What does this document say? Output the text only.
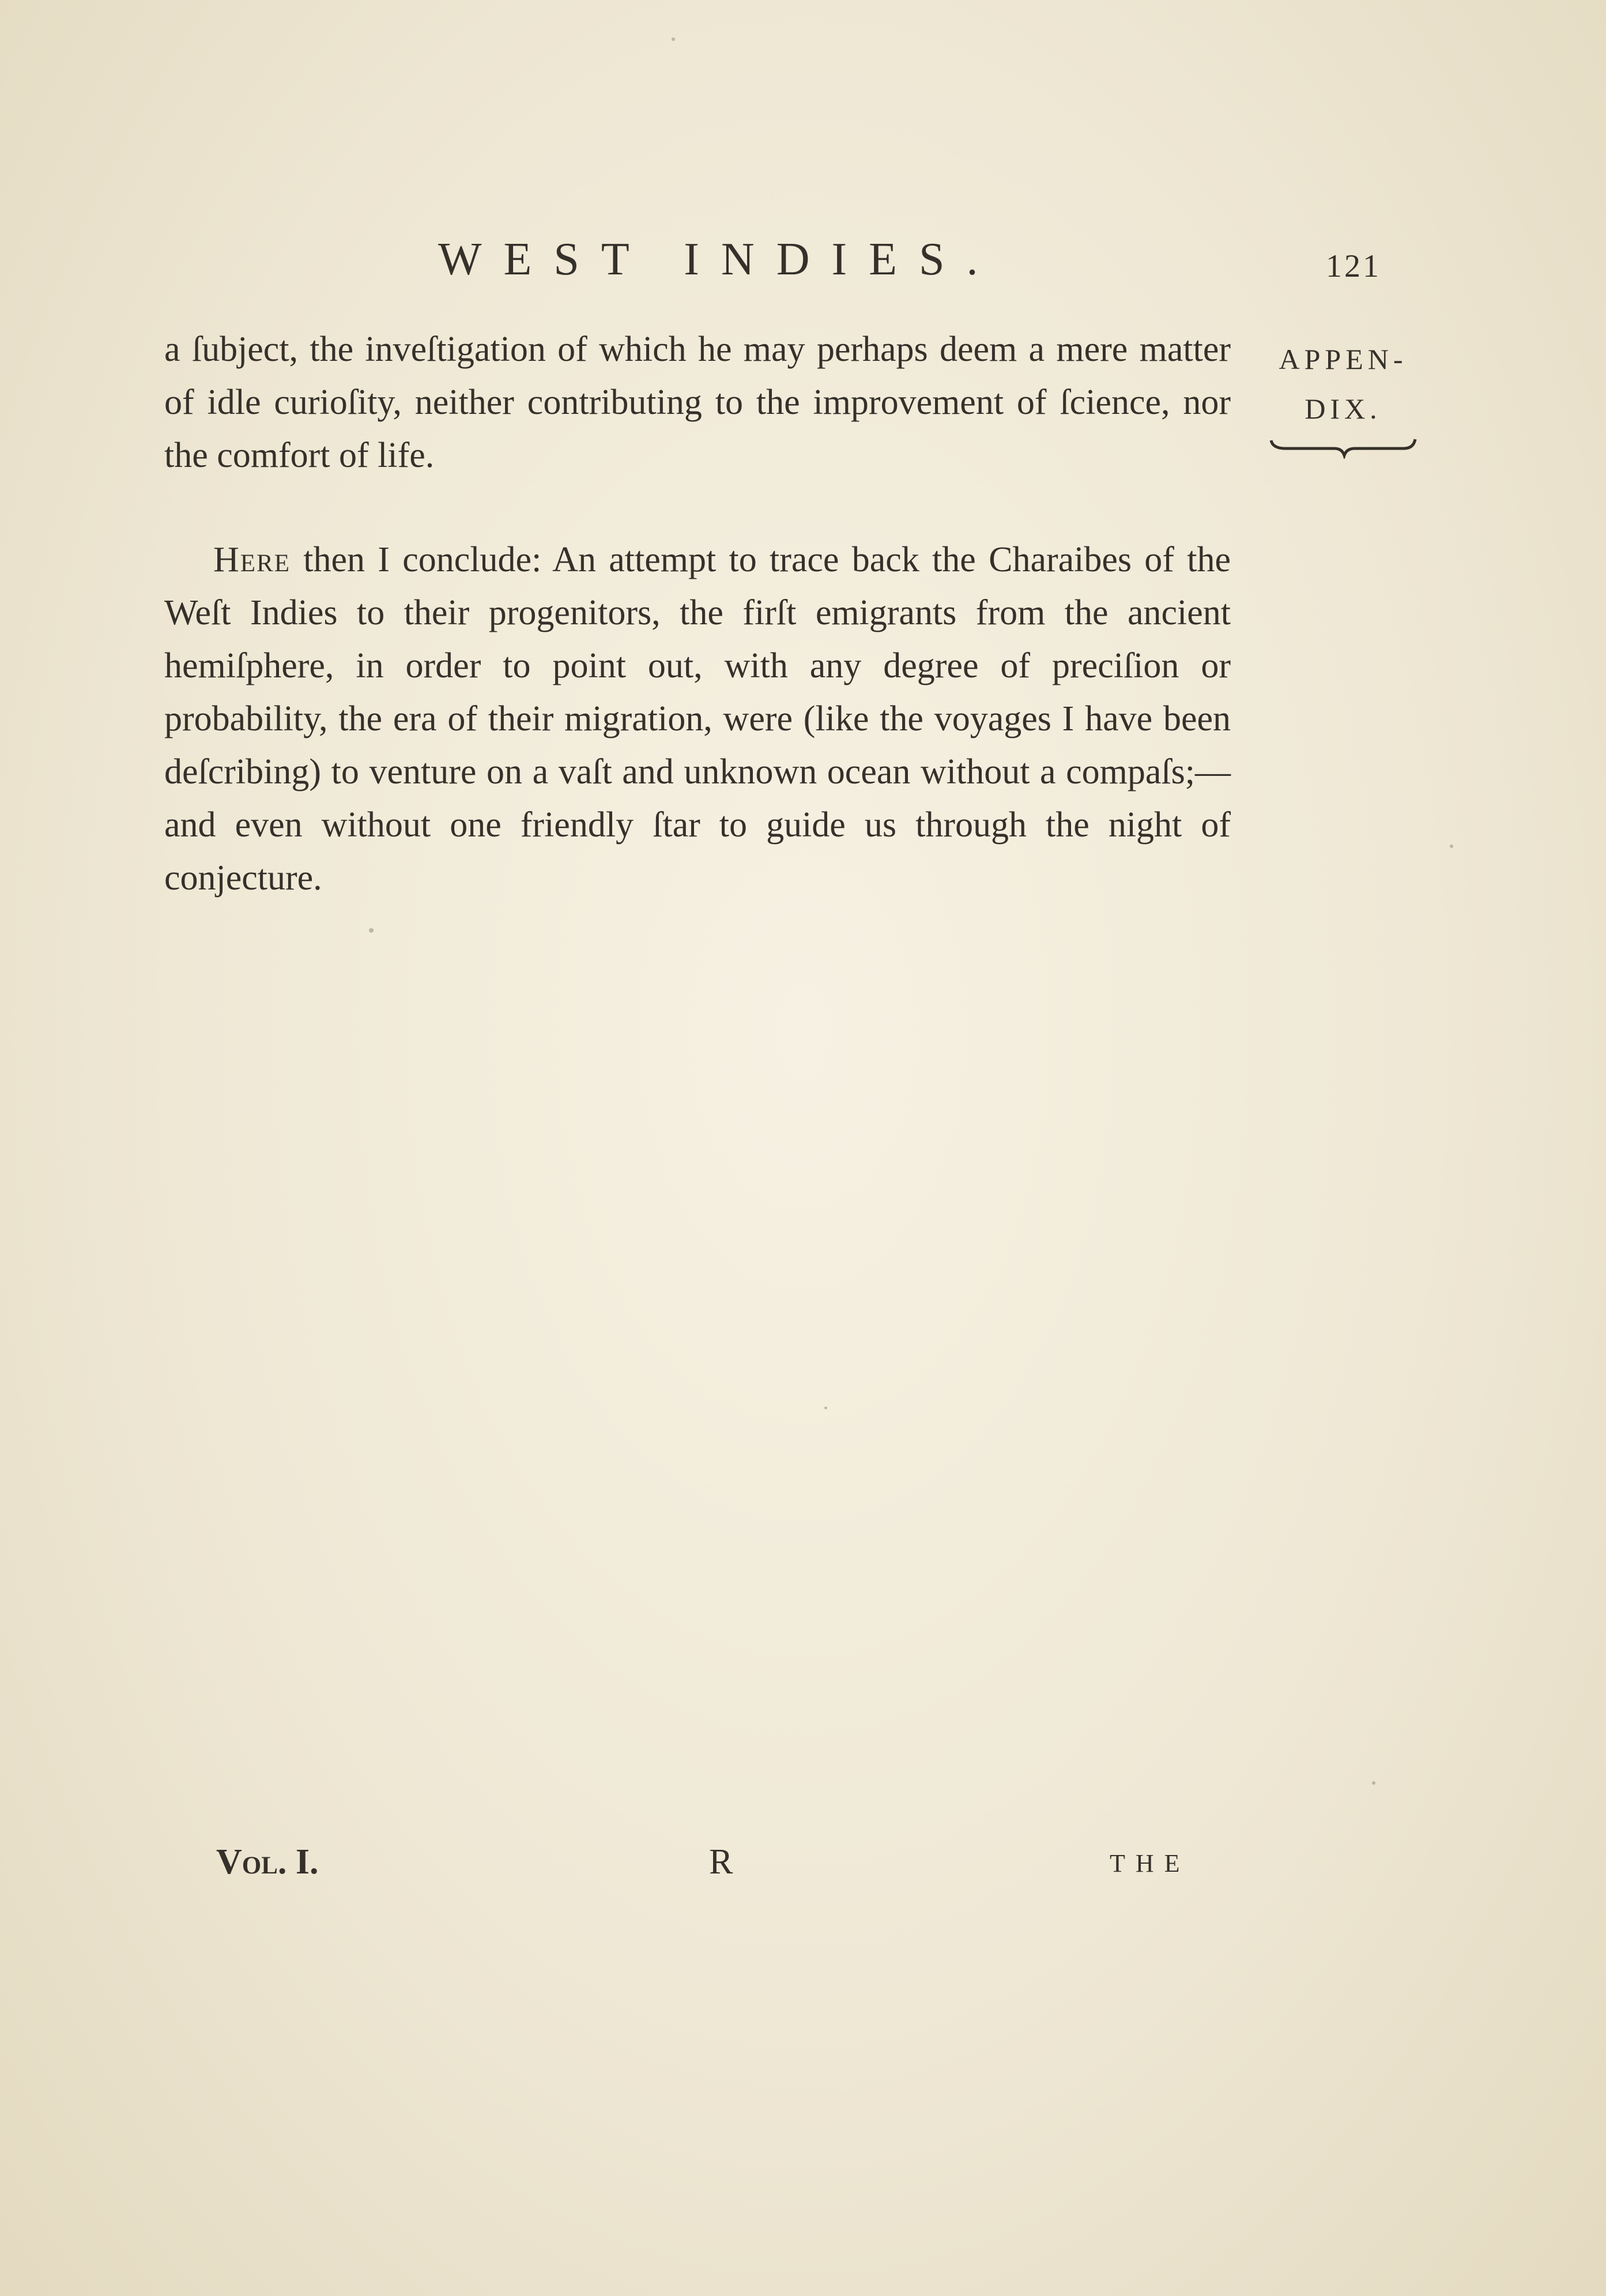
WEST INDIES.	121
APPEN-
DIX.
a ſubject, the inveſtigation of which he may perhaps deem a mere matter of idle curioſity, neither contributing to the improvement of ſcience, nor the comfort of life.
Here then I conclude: An attempt to trace back the Charaibes of the Weſt Indies to their progenitors, the firſt emigrants from the ancient hemiſphere, in order to point out, with any degree of preciſion or probability, the era of their migration, were (like the voyages I have been deſcribing) to venture on a vaſt and unknown ocean without a compaſs;—and even without one friendly ſtar to guide us through the night of conjecture.
Vol. I.	R	THE
